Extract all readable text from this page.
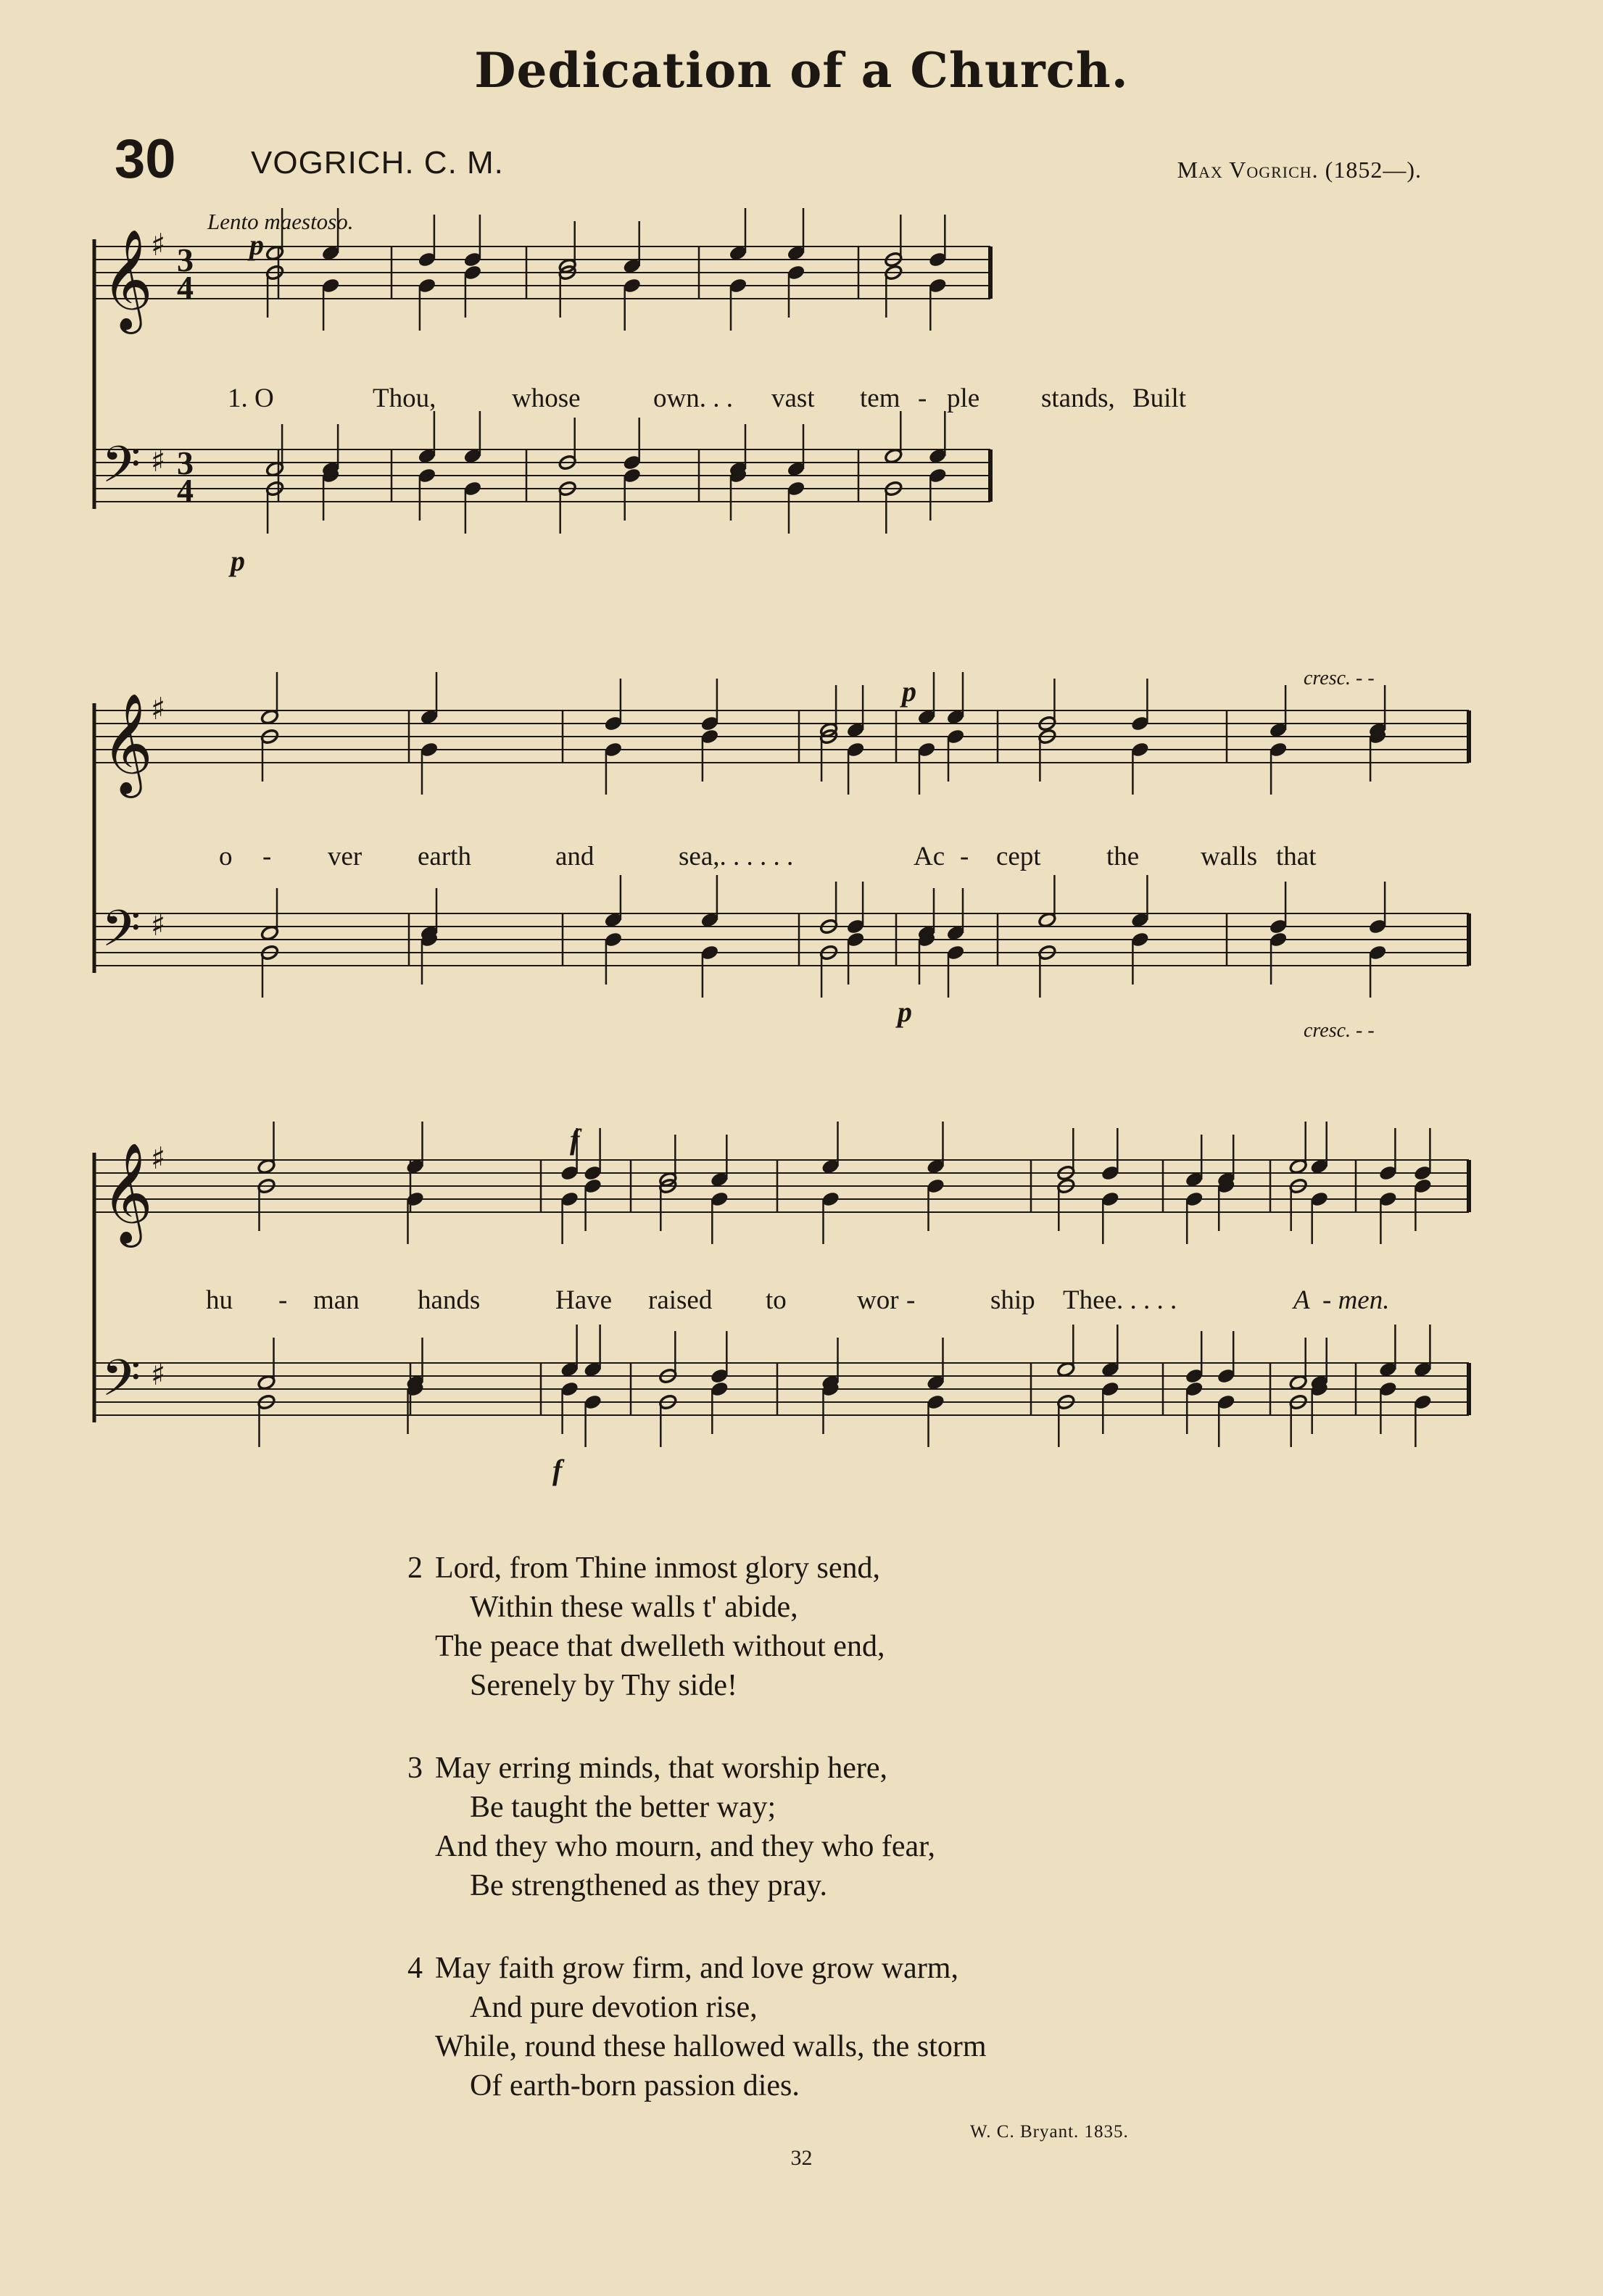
Dedication of a Church.
30 VOGRICH. C. M.	Max Vogrich. (1852—).
Lento maestoso.
p
p
𝄞
♯ 3
4
𝄢 ♯ 3
4
1. O	Thou,	whose	own. . . vast tem - ple stands, Built
p
p
cresc. - -
cresc. - -
𝄞
♯
𝄢 ♯
o - ver earth	and	sea,. . . . . .	Ac - cept the walls that
f
f
𝄞
♯
𝄢 ♯
hu - man hands	Have raised to	wor -	ship Thee. . . . .	A - men.
2 Lord, from Thine inmost glory send,
Within these walls t' abide,
The peace that dwelleth without end,
Serenely by Thy side!
3 May erring minds, that worship here,
Be taught the better way;
And they who mourn, and they who fear,
Be strengthened as they pray.
4 May faith grow firm, and love grow warm,
And pure devotion rise,
While, round these hallowed walls, the storm
Of earth-born passion dies.
W. C. Bryant. 1835.
32
